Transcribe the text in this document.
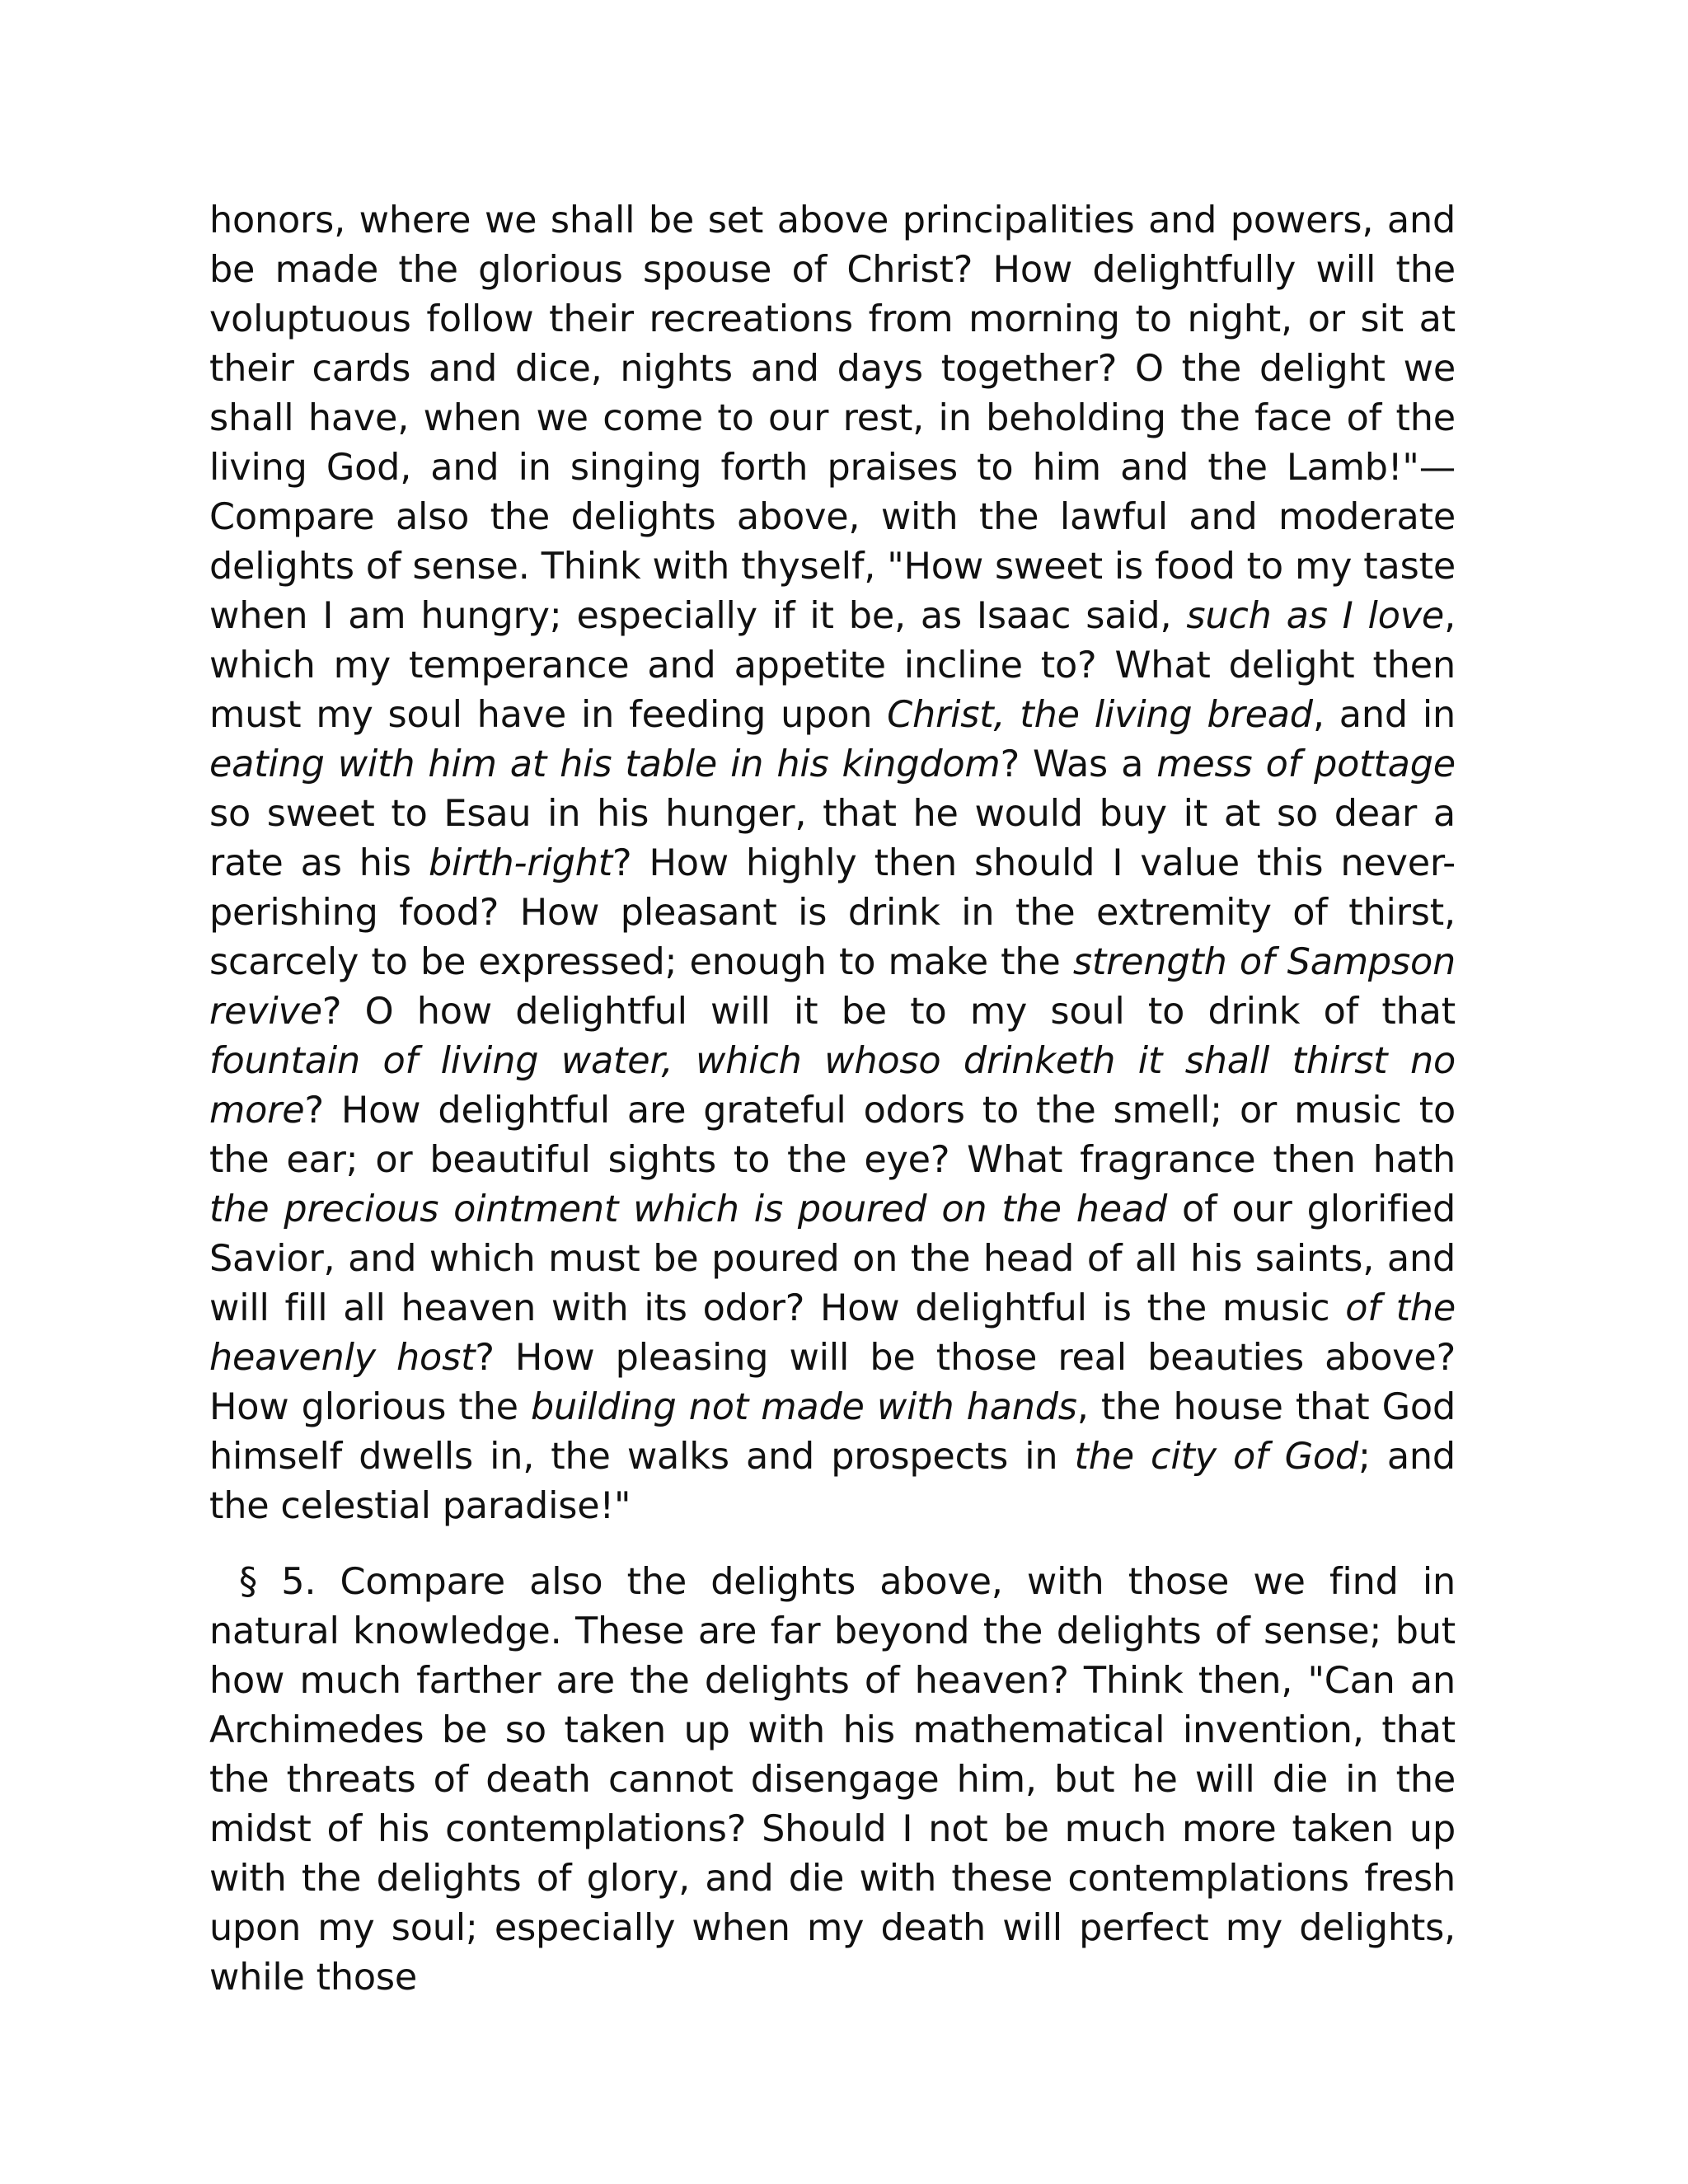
honors, where we shall be set above principalities and powers, and be made the glorious spouse of Christ? How delightfully will the voluptuous follow their recreations from morning to night, or sit at their cards and dice, nights and days together? O the delight we shall have, when we come to our rest, in beholding the face of the living God, and in singing forth praises to him and the Lamb!"— Compare also the delights above, with the lawful and moderate delights of sense. Think with thyself, "How sweet is food to my taste when I am hungry; especially if it be, as Isaac said, such as I love, which my temperance and appetite incline to? What delight then must my soul have in feeding upon Christ, the living bread, and in eating with him at his table in his kingdom? Was a mess of pottage so sweet to Esau in his hunger, that he would buy it at so dear a rate as his birth-right? How highly then should I value this never-perishing food? How pleasant is drink in the extremity of thirst, scarcely to be expressed; enough to make the strength of Sampson revive? O how delightful will it be to my soul to drink of that fountain of living water, which whoso drinketh it shall thirst no more? How delightful are grateful odors to the smell; or music to the ear; or beautiful sights to the eye? What fragrance then hath the precious ointment which is poured on the head of our glorified Savior, and which must be poured on the head of all his saints, and will fill all heaven with its odor? How delightful is the music of the heavenly host? How pleasing will be those real beauties above? How glorious the building not made with hands, the house that God himself dwells in, the walks and prospects in the city of God; and the celestial paradise!"

§ 5. Compare also the delights above, with those we find in natural knowledge. These are far beyond the delights of sense; but how much farther are the delights of heaven? Think then, "Can an Archimedes be so taken up with his mathematical invention, that the threats of death cannot disengage him, but he will die in the midst of his contemplations? Should I not be much more taken up with the delights of glory, and die with these contemplations fresh upon my soul; especially when my death will perfect my delights, while those
